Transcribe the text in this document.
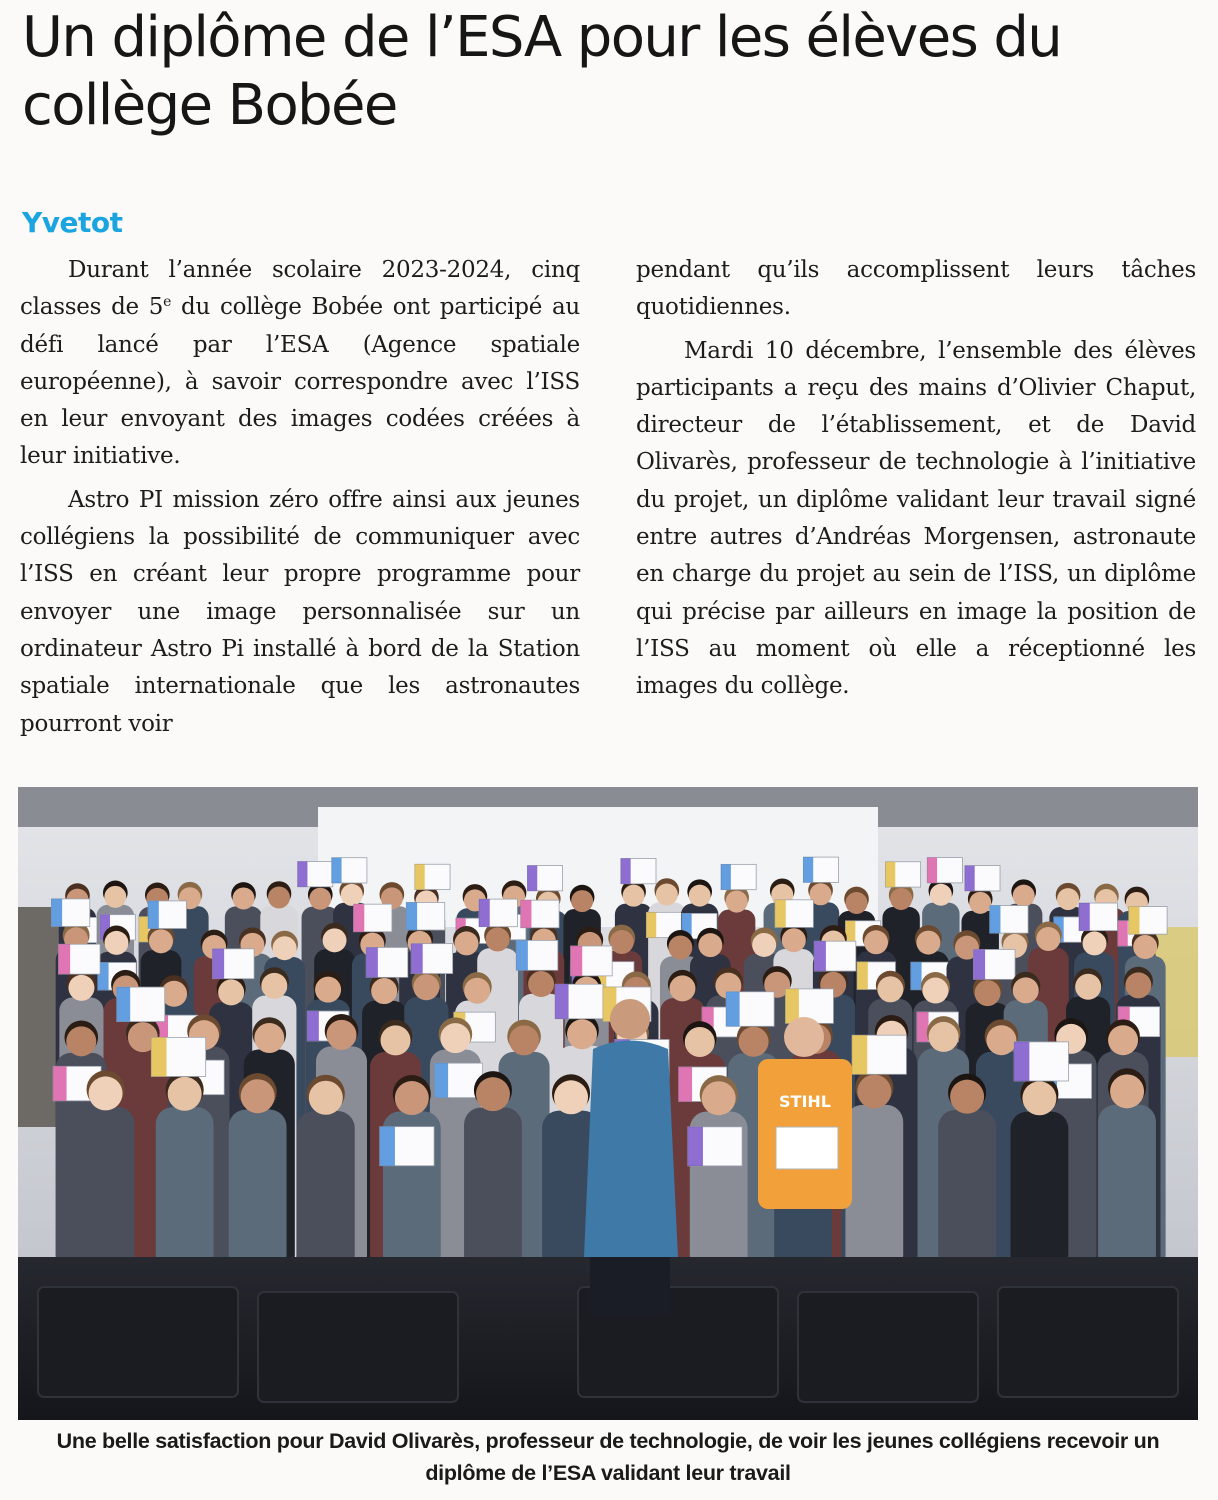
Un diplôme de l’ESA pour les élèves du collège Bobée
Yvetot

Durant l’année scolaire 2023-2024, cinq classes de 5e du collège Bobée ont participé au défi lancé par l’ESA (Agence spatiale européenne), à savoir correspondre avec l’ISS en leur envoyant des images codées créées à leur initiative.

Astro PI mission zéro offre ainsi aux jeunes collégiens la possibilité de communiquer avec l’ISS en créant leur propre programme pour envoyer une image personnalisée sur un ordinateur Astro Pi installé à bord de la Station spatiale internationale que les astronautes pourront voir

pendant qu’ils accomplissent leurs tâches quotidiennes.

Mardi 10 décembre, l’ensemble des élèves participants a reçu des mains d’Olivier Chaput, directeur de l’établissement, et de David Olivarès, professeur de technologie à l’initiative du projet, un diplôme validant leur travail signé entre autres d’Andréas Morgensen, astronaute en charge du projet au sein de l’ISS, un diplôme qui précise par ailleurs en image la position de l’ISS au moment où elle a réceptionné les images du collège.

STIHL
Une belle satisfaction pour David Olivarès, professeur de technologie, de voir les jeunes collégiens recevoir un diplôme de l’ESA validant leur travail
